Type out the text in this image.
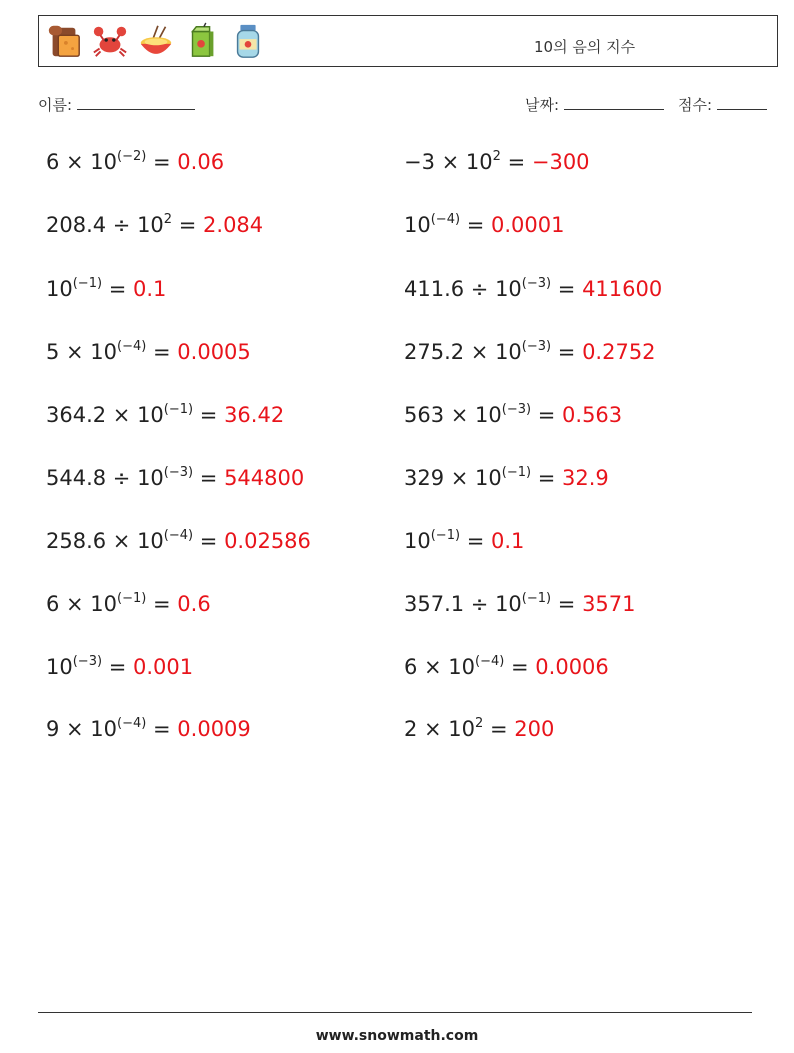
10의 음의 지수
이름:	날짜:	점수:
$6 \times 10^{(-2)} = 0.06$	$-3 \times 10^2 = -300$
$208.4 \div 10^2 = 2.084$	$10^{(-4)} = 0.0001$
$10^{(-1)} = 0.1$	$411.6 \div 10^{(-3)} = 411600$
$5 \times 10^{(-4)} = 0.0005$	$275.2 \times 10^{(-3)} = 0.2752$
$364.2 \times 10^{(-1)} = 36.42$	$563 \times 10^{(-3)} = 0.563$
$544.8 \div 10^{(-3)} = 544800$	$329 \times 10^{(-1)} = 32.9$
$258.6 \times 10^{(-4)} = 0.02586$	$10^{(-1)} = 0.1$
$6 \times 10^{(-1)} = 0.6$	$357.1 \div 10^{(-1)} = 3571$
$10^{(-3)} = 0.001$	$6 \times 10^{(-4)} = 0.0006$
$9 \times 10^{(-4)} = 0.0009$	$2 \times 10^2 = 200$
www.snowmath.com
